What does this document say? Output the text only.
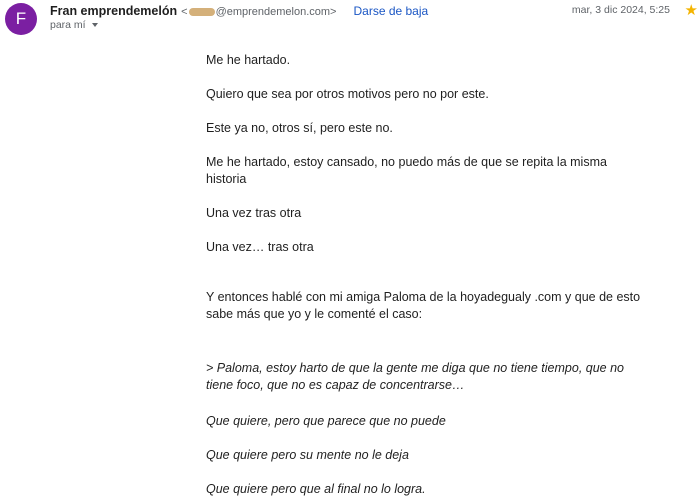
F Fran emprendemelón <	@emprendemelon.com> Darse de baja
para mí
mar, 3 dic 2024, 5:25 ★

Me he hartado.

Quiero que sea por otros motivos pero no por este.

Este ya no, otros sí, pero este no.

Me he hartado, estoy cansado, no puedo más de que se repita la misma historia

Una vez tras otra

Una vez… tras otra

Y entonces hablé con mi amiga Paloma de la hoyadegualy .com y que de esto sabe más que yo y le comenté el caso:

> Paloma, estoy harto de que la gente me diga que no tiene tiempo, que no tiene foco, que no es capaz de concentrarse…

Que quiere, pero que parece que no puede

Que quiere pero su mente no le deja

Que quiere pero que al final no lo logra.
